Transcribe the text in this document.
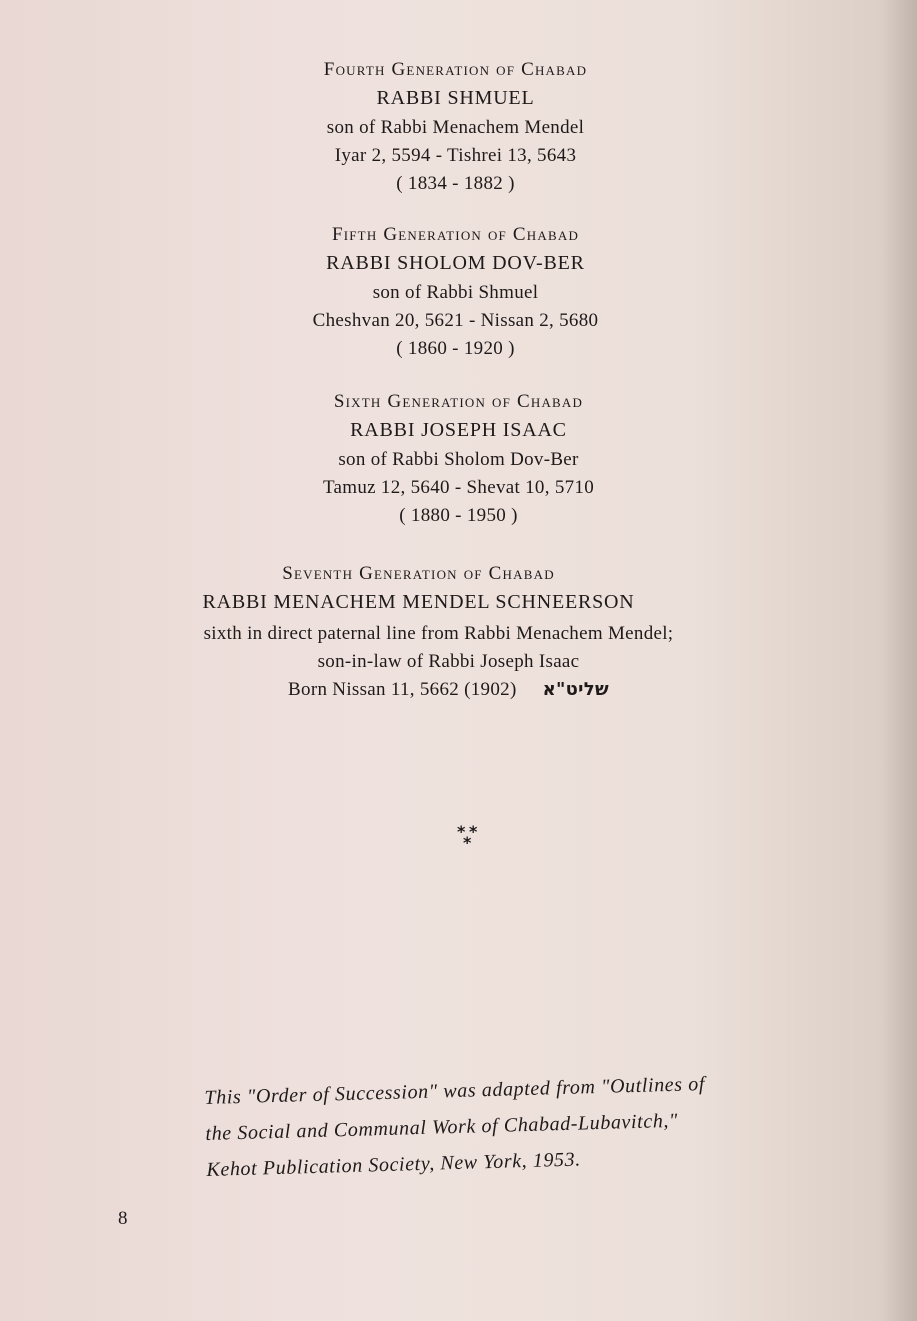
Fourth Generation of Chabad
RABBI SHMUEL
son of Rabbi Menachem Mendel
Iyar 2, 5594 - Tishrei 13, 5643
( 1834 - 1882 )
Fifth Generation of Chabad
RABBI SHOLOM DOV-BER
son of Rabbi Shmuel
Cheshvan 20, 5621 - Nissan 2, 5680
( 1860 - 1920 )
Sixth Generation of Chabad
RABBI JOSEPH ISAAC
son of Rabbi Sholom Dov-Ber
Tamuz 12, 5640 - Shevat 10, 5710
( 1880 - 1950 )
Seventh Generation of Chabad
RABBI MENACHEM MENDEL SCHNEERSON
sixth in direct paternal line from Rabbi Menachem Mendel;
son-in-law of Rabbi Joseph Isaac
Born Nissan 11, 5662 (1902) שליט"א
* *
*
This "Order of Succession" was adapted from "Outlines of
the Social and Communal Work of Chabad-Lubavitch,"
Kehot Publication Society, New York, 1953.
8
